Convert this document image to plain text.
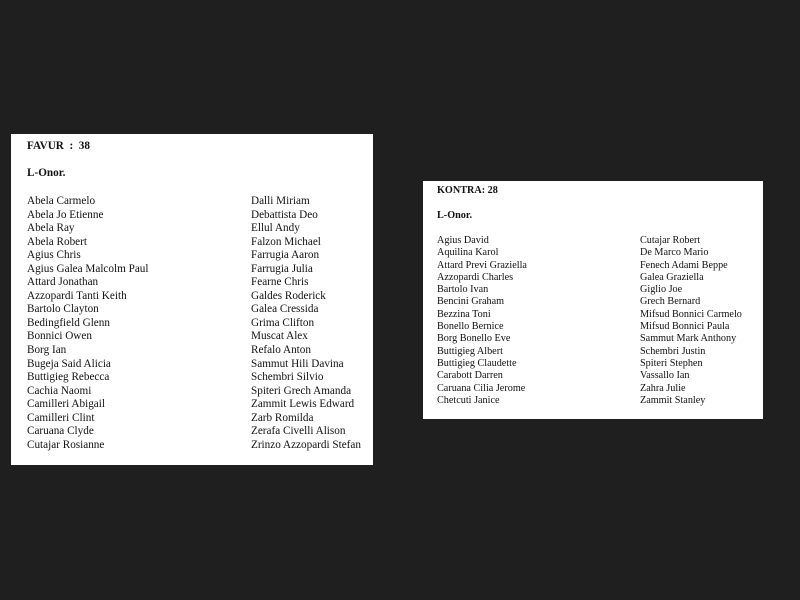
FAVUR  :  38

L-Onor.

Abela Carmelo
Abela Jo Etienne
Abela Ray
Abela Robert
Agius Chris
Agius Galea Malcolm Paul
Attard Jonathan
Azzopardi Tanti Keith
Bartolo Clayton
Bedingfield Glenn
Bonnici Owen
Borg Ian
Bugeja Said Alicia
Buttigieg Rebecca
Cachia Naomi
Camilleri Abigail
Camilleri Clint
Caruana Clyde
Cutajar Rosianne
Dalli Miriam
Debattista Deo
Ellul Andy
Falzon Michael
Farrugia Aaron
Farrugia Julia
Fearne Chris
Galdes Roderick
Galea Cressida
Grima Clifton
Muscat Alex
Refalo Anton
Sammut Hili Davina
Schembri Silvio
Spiteri Grech Amanda
Zammit Lewis Edward
Zarb Romilda
Zerafa Civelli Alison
Zrinzo Azzopardi Stefan

KONTRA: 28

L-Onor.

Agius David
Aquilina Karol
Attard Previ Graziella
Azzopardi Charles
Bartolo Ivan
Bencini Graham
Bezzina Toni
Bonello Bernice
Borg Bonello Eve
Buttigieg Albert
Buttigieg Claudette
Carabott Darren
Caruana Cilia Jerome
Chetcuti Janice
Cutajar Robert
De Marco Mario
Fenech Adami Beppe
Galea Graziella
Giglio Joe
Grech Bernard
Mifsud Bonnici Carmelo
Mifsud Bonnici Paula
Sammut Mark Anthony
Schembri Justin
Spiteri Stephen
Vassallo Ian
Zahra Julie
Zammit Stanley
